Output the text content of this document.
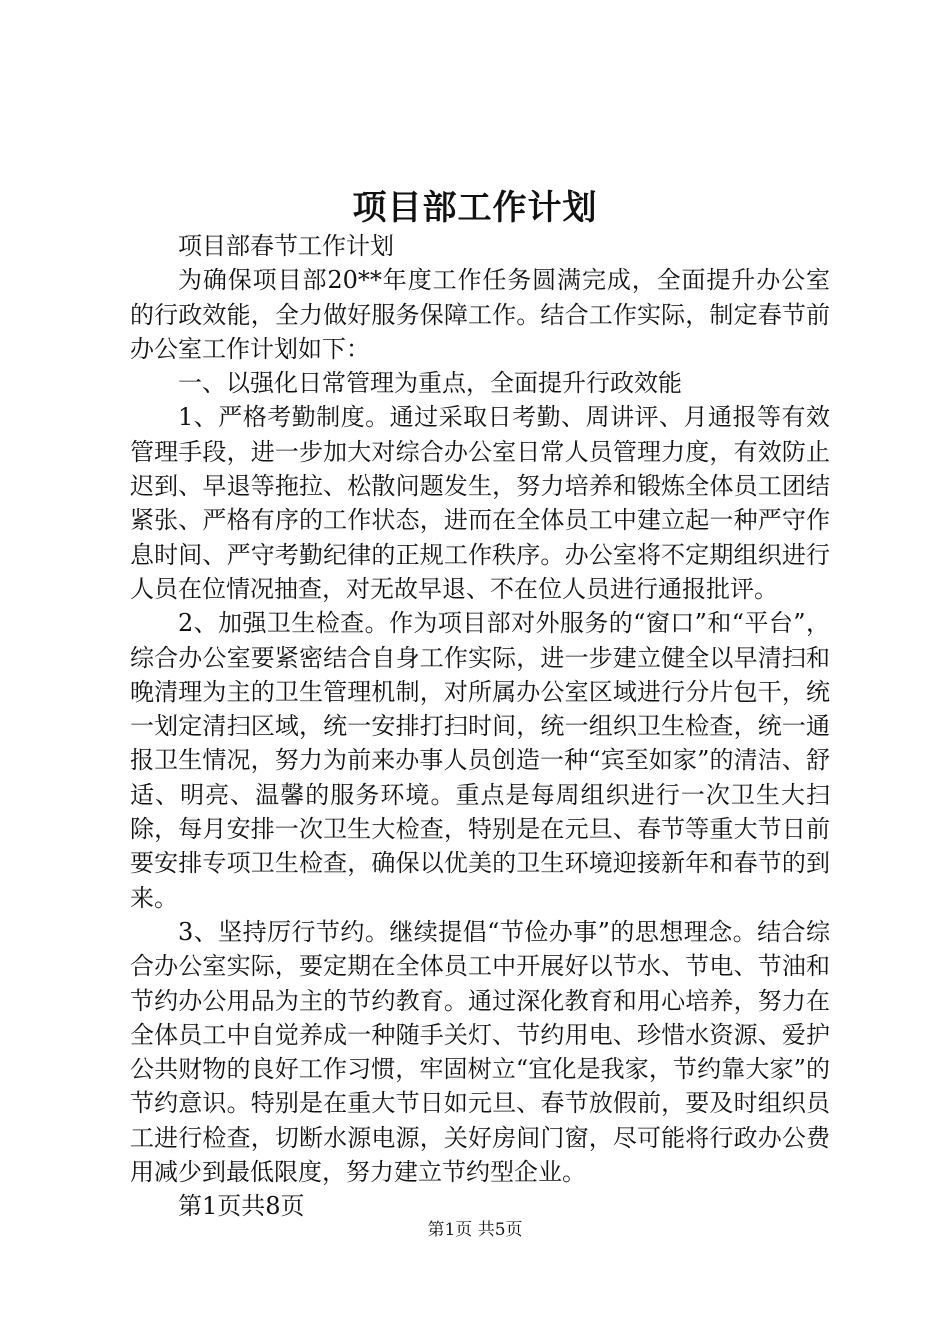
项目部工作计划

项目部春节工作计划

为确保项目部20**年度工作任务圆满完成，全面提升办公室的行政效能，全力做好服务保障工作。结合工作实际，制定春节前办公室工作计划如下：

一、以强化日常管理为重点，全面提升行政效能

1、严格考勤制度。通过采取日考勤、周讲评、月通报等有效管理手段，进一步加大对综合办公室日常人员管理力度，有效防止迟到、早退等拖拉、松散问题发生，努力培养和锻炼全体员工团结紧张、严格有序的工作状态，进而在全体员工中建立起一种严守作息时间、严守考勤纪律的正规工作秩序。办公室将不定期组织进行人员在位情况抽查，对无故早退、不在位人员进行通报批评。

2、加强卫生检查。作为项目部对外服务的“窗口”和“平台”，综合办公室要紧密结合自身工作实际，进一步建立健全以早清扫和晚清理为主的卫生管理机制，对所属办公室区域进行分片包干，统一划定清扫区域，统一安排打扫时间，统一组织卫生检查，统一通报卫生情况，努力为前来办事人员创造一种“宾至如家”的清洁、舒适、明亮、温馨的服务环境。重点是每周组织进行一次卫生大扫除，每月安排一次卫生大检查，特别是在元旦、春节等重大节日前要安排专项卫生检查，确保以优美的卫生环境迎接新年和春节的到来。

3、坚持厉行节约。继续提倡“节俭办事”的思想理念。结合综合办公室实际，要定期在全体员工中开展好以节水、节电、节油和节约办公用品为主的节约教育。通过深化教育和用心培养，努力在全体员工中自觉养成一种随手关灯、节约用电、珍惜水资源、爱护公共财物的良好工作习惯，牢固树立“宜化是我家，节约靠大家”的节约意识。特别是在重大节日如元旦、春节放假前，要及时组织员工进行检查，切断水源电源，关好房间门窗，尽可能将行政办公费用减少到最低限度，努力建立节约型企业。

第1页共8页

第1页 共5页
